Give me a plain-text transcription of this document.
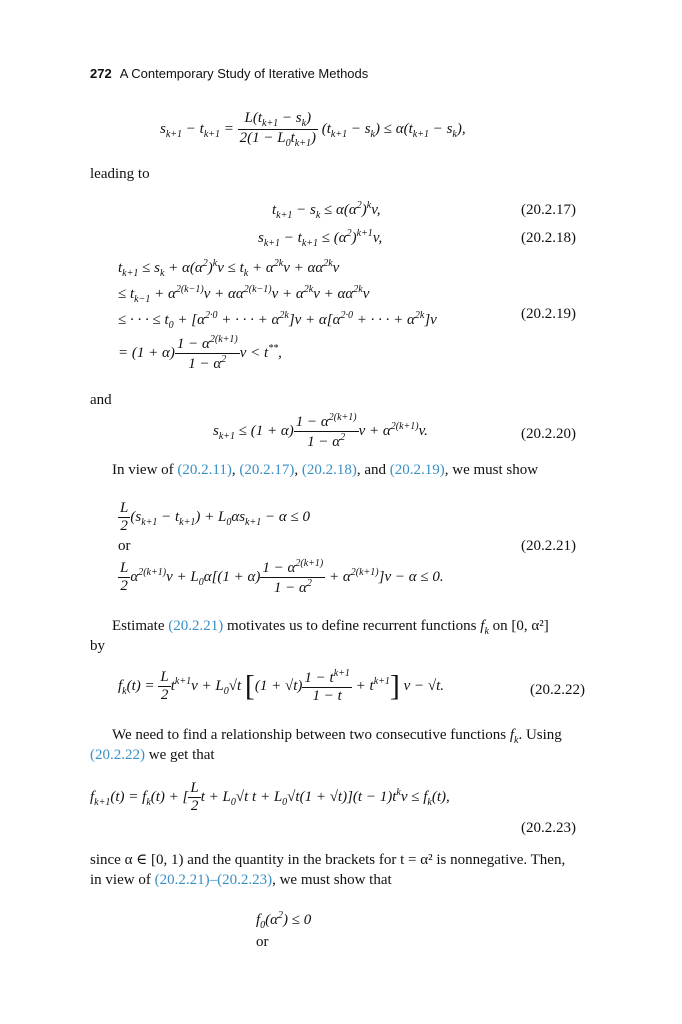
272 A Contemporary Study of Iterative Methods
$s_{k+1} - t_{k+1} = \frac{L(t_{k+1} - s_k)}{2(1 - L_0t_{k+1})} (t_{k+1} - s_k) \le \alpha(t_{k+1} - s_k)$,
leading to
$t_{k+1} - s_k \le \alpha(\alpha^2)^kv$,	(20.2.17)
$s_{k+1} - t_{k+1} \le (\alpha^2)^{k+1}v$,	(20.2.18)
$t_{k+1} \le s_k + \alpha(\alpha^2)^kv \le t_k + \alpha^{2k}v + \alpha\alpha^{2k}v$
≤ $t_{k-1} + \alpha^{2(k-1)}v + \alpha\alpha^{2(k-1)}v + \alpha^{2k}v + \alpha\alpha^{2k}v$
≤ · · · ≤ $t_0 + [\alpha^{2\cdot 0}$ + · · · + $\alpha^{2k}]v + \alpha[\alpha^{2\cdot 0}$ + · · · + $\alpha^{2k}]v$	(20.2.19)
= $(1 + \alpha) \frac{1 - \alpha^{2(k+1)}}{1 - \alpha^2}$ v < t**,
and
$s_{k+1} \le (1 + \alpha) \frac{1 - \alpha^{2(k+1)}}{1 - \alpha^2}$ $v + \alpha^{2(k+1)}v$.	(20.2.20)
In view of (20.2.11), (20.2.17), (20.2.18), and (20.2.19), we must show
$\frac{L}{2} (s_{k+1} - t_{k+1}) + L_0\alpha s_{k+1} - \alpha \le 0$
or	(20.2.21)
$\frac{L}{2} \alpha^{2(k+1)}v + L_0\alpha[(1 + \alpha) \frac{1 - \alpha^{2(k+1)}}{1 - \alpha^2} + \alpha^{2(k+1)}]v - \alpha \le 0$.
Estimate (20.2.21) motivates us to define recurrent functions $f_k$ on [0, α²]
by
$f_k(t) = \frac{L}{2} t^{k+1}v + L_0√t$ $[(1 + √t) \frac{1 - t^{k+1}}{1 - t} + t^{k+1}]$ v − √t.	(20.2.22)
We need to find a relationship between two consecutive functions $f_k$. Using
(20.2.22) we get that
$f_{k+1}(t) = f_k(t)$ + [ $\frac{L}{2}$ $t + L_0√t$ $t + L_0√t(1 + √t)](t - 1)t^kv \le f_k(t)$,
(20.2.23)
since α ∈ [0, 1) and the quantity in the brackets for t = α² is nonnegative. Then,
in view of (20.2.21)–(20.2.23), we must show that
$f_0(\alpha^2) \le 0$
or
